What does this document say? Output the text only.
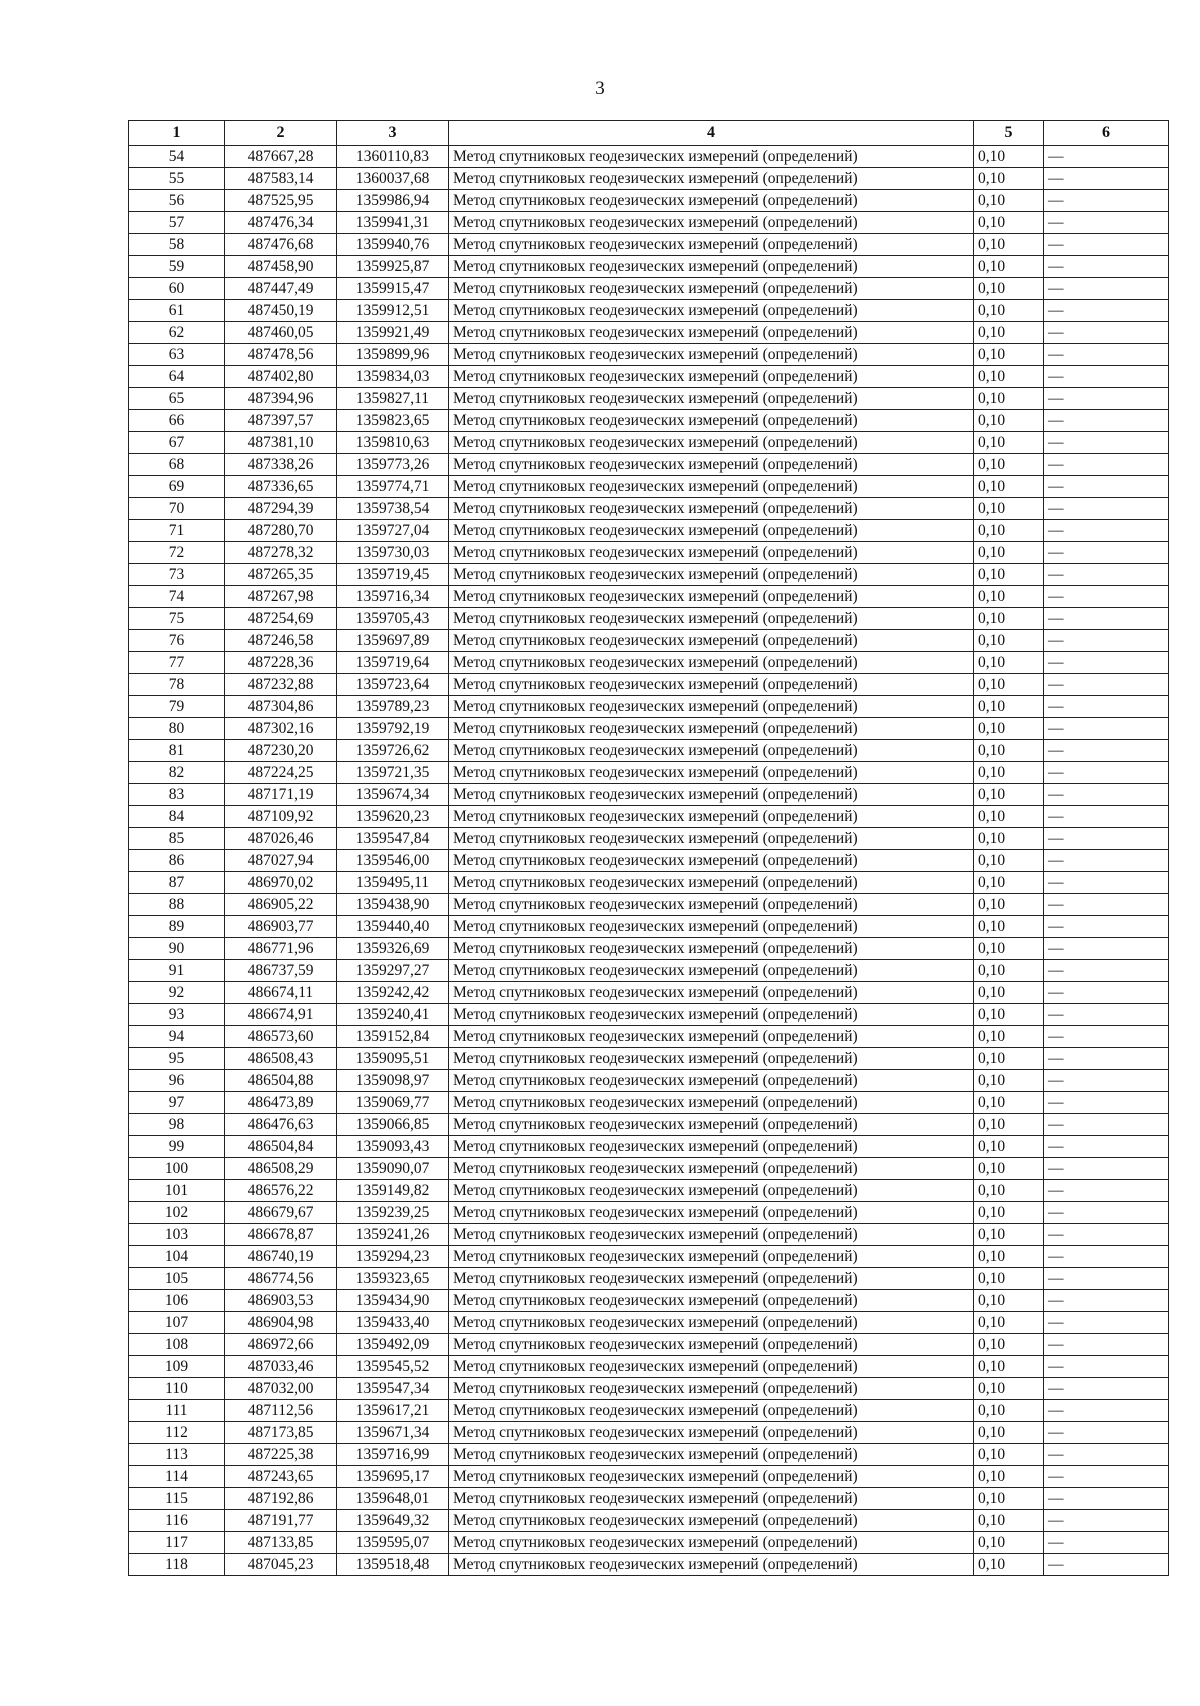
3
1	2	3	4	5	6
54	487667,28	1360110,83	Метод спутниковых геодезических измерений (определений)	0,10	—
55	487583,14	1360037,68	Метод спутниковых геодезических измерений (определений)	0,10	—
56	487525,95	1359986,94	Метод спутниковых геодезических измерений (определений)	0,10	—
57	487476,34	1359941,31	Метод спутниковых геодезических измерений (определений)	0,10	—
58	487476,68	1359940,76	Метод спутниковых геодезических измерений (определений)	0,10	—
59	487458,90	1359925,87	Метод спутниковых геодезических измерений (определений)	0,10	—
60	487447,49	1359915,47	Метод спутниковых геодезических измерений (определений)	0,10	—
61	487450,19	1359912,51	Метод спутниковых геодезических измерений (определений)	0,10	—
62	487460,05	1359921,49	Метод спутниковых геодезических измерений (определений)	0,10	—
63	487478,56	1359899,96	Метод спутниковых геодезических измерений (определений)	0,10	—
64	487402,80	1359834,03	Метод спутниковых геодезических измерений (определений)	0,10	—
65	487394,96	1359827,11	Метод спутниковых геодезических измерений (определений)	0,10	—
66	487397,57	1359823,65	Метод спутниковых геодезических измерений (определений)	0,10	—
67	487381,10	1359810,63	Метод спутниковых геодезических измерений (определений)	0,10	—
68	487338,26	1359773,26	Метод спутниковых геодезических измерений (определений)	0,10	—
69	487336,65	1359774,71	Метод спутниковых геодезических измерений (определений)	0,10	—
70	487294,39	1359738,54	Метод спутниковых геодезических измерений (определений)	0,10	—
71	487280,70	1359727,04	Метод спутниковых геодезических измерений (определений)	0,10	—
72	487278,32	1359730,03	Метод спутниковых геодезических измерений (определений)	0,10	—
73	487265,35	1359719,45	Метод спутниковых геодезических измерений (определений)	0,10	—
74	487267,98	1359716,34	Метод спутниковых геодезических измерений (определений)	0,10	—
75	487254,69	1359705,43	Метод спутниковых геодезических измерений (определений)	0,10	—
76	487246,58	1359697,89	Метод спутниковых геодезических измерений (определений)	0,10	—
77	487228,36	1359719,64	Метод спутниковых геодезических измерений (определений)	0,10	—
78	487232,88	1359723,64	Метод спутниковых геодезических измерений (определений)	0,10	—
79	487304,86	1359789,23	Метод спутниковых геодезических измерений (определений)	0,10	—
80	487302,16	1359792,19	Метод спутниковых геодезических измерений (определений)	0,10	—
81	487230,20	1359726,62	Метод спутниковых геодезических измерений (определений)	0,10	—
82	487224,25	1359721,35	Метод спутниковых геодезических измерений (определений)	0,10	—
83	487171,19	1359674,34	Метод спутниковых геодезических измерений (определений)	0,10	—
84	487109,92	1359620,23	Метод спутниковых геодезических измерений (определений)	0,10	—
85	487026,46	1359547,84	Метод спутниковых геодезических измерений (определений)	0,10	—
86	487027,94	1359546,00	Метод спутниковых геодезических измерений (определений)	0,10	—
87	486970,02	1359495,11	Метод спутниковых геодезических измерений (определений)	0,10	—
88	486905,22	1359438,90	Метод спутниковых геодезических измерений (определений)	0,10	—
89	486903,77	1359440,40	Метод спутниковых геодезических измерений (определений)	0,10	—
90	486771,96	1359326,69	Метод спутниковых геодезических измерений (определений)	0,10	—
91	486737,59	1359297,27	Метод спутниковых геодезических измерений (определений)	0,10	—
92	486674,11	1359242,42	Метод спутниковых геодезических измерений (определений)	0,10	—
93	486674,91	1359240,41	Метод спутниковых геодезических измерений (определений)	0,10	—
94	486573,60	1359152,84	Метод спутниковых геодезических измерений (определений)	0,10	—
95	486508,43	1359095,51	Метод спутниковых геодезических измерений (определений)	0,10	—
96	486504,88	1359098,97	Метод спутниковых геодезических измерений (определений)	0,10	—
97	486473,89	1359069,77	Метод спутниковых геодезических измерений (определений)	0,10	—
98	486476,63	1359066,85	Метод спутниковых геодезических измерений (определений)	0,10	—
99	486504,84	1359093,43	Метод спутниковых геодезических измерений (определений)	0,10	—
100	486508,29	1359090,07	Метод спутниковых геодезических измерений (определений)	0,10	—
101	486576,22	1359149,82	Метод спутниковых геодезических измерений (определений)	0,10	—
102	486679,67	1359239,25	Метод спутниковых геодезических измерений (определений)	0,10	—
103	486678,87	1359241,26	Метод спутниковых геодезических измерений (определений)	0,10	—
104	486740,19	1359294,23	Метод спутниковых геодезических измерений (определений)	0,10	—
105	486774,56	1359323,65	Метод спутниковых геодезических измерений (определений)	0,10	—
106	486903,53	1359434,90	Метод спутниковых геодезических измерений (определений)	0,10	—
107	486904,98	1359433,40	Метод спутниковых геодезических измерений (определений)	0,10	—
108	486972,66	1359492,09	Метод спутниковых геодезических измерений (определений)	0,10	—
109	487033,46	1359545,52	Метод спутниковых геодезических измерений (определений)	0,10	—
110	487032,00	1359547,34	Метод спутниковых геодезических измерений (определений)	0,10	—
111	487112,56	1359617,21	Метод спутниковых геодезических измерений (определений)	0,10	—
112	487173,85	1359671,34	Метод спутниковых геодезических измерений (определений)	0,10	—
113	487225,38	1359716,99	Метод спутниковых геодезических измерений (определений)	0,10	—
114	487243,65	1359695,17	Метод спутниковых геодезических измерений (определений)	0,10	—
115	487192,86	1359648,01	Метод спутниковых геодезических измерений (определений)	0,10	—
116	487191,77	1359649,32	Метод спутниковых геодезических измерений (определений)	0,10	—
117	487133,85	1359595,07	Метод спутниковых геодезических измерений (определений)	0,10	—
118	487045,23	1359518,48	Метод спутниковых геодезических измерений (определений)	0,10	—
